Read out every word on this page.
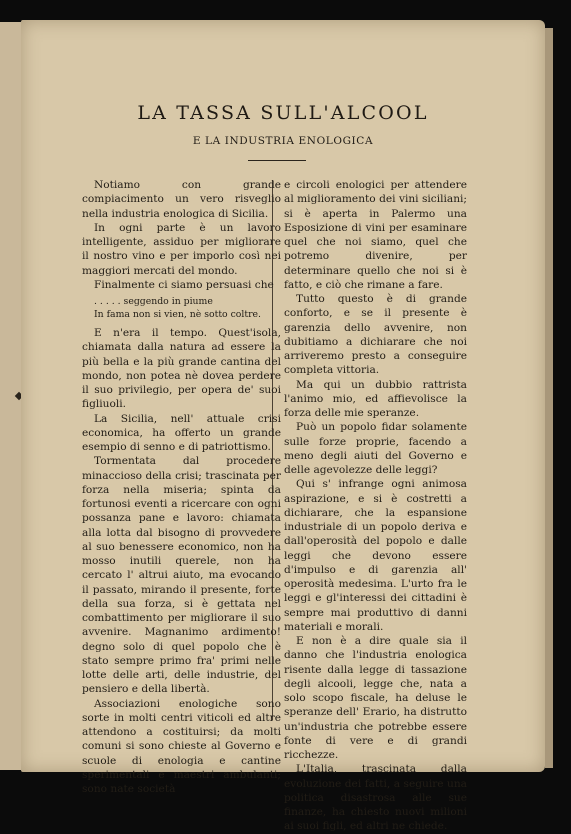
LA TASSA SULL'ALCOOL
E LA INDUSTRIA ENOLOGICA

Notiamo con grande compiacimento un vero risveglio nella industria enologica di Sicilia.

In ogni parte è un lavoro intelligente, assiduo per migliorare il nostro vino e per imporlo così nei maggiori mercati del mondo.

Finalmente ci siamo persuasi che

. . . . . seggendo in piume
In fama non si vien, nè sotto coltre.

E n'era il tempo. Quest'isola, chiamata dalla natura ad essere la più bella e la più grande cantina del mondo, non potea nè dovea perdere il suo privilegio, per opera de' suoi figliuoli.

La Sicilia, nell' attuale crisi economica, ha offerto un grande esempio di senno e di patriottismo.

Tormentata dal procedere minaccioso della crisi; trascinata per forza nella miseria; spinta da fortunosi eventi a ricercare con ogni possanza pane e lavoro: chiamata alla lotta dal bisogno di provvedere al suo benessere economico, non ha mosso inutili querele, non ha cercato l' altrui aiuto, ma evocando il passato, mirando il presente, forte della sua forza, si è gettata nel combattimento per migliorare il suo avvenire. Magnanimo ardimento! degno solo di quel popolo che è stato sempre primo fra' primi nelle lotte delle arti, delle industrie, del pensiero e della libertà.

Associazioni enologiche sono sorte in molti centri viticoli ed altre attendono a costituirsi; da molti comuni si sono chieste al Governo e scuole di enologia e cantine sperimentali e maestri ambulanti; sono nate società

e circoli enologici per attendere al miglioramento dei vini siciliani; si è aperta in Palermo una Esposizione di vini per esaminare quel che noi siamo, quel che potremo divenire, per determinare quello che noi si è fatto, e ciò che rimane a fare.

Tutto questo è di grande conforto, e se il presente è garenzia dello avvenire, non dubitiamo a dichiarare che noi arriveremo presto a conseguire completa vittoria.

Ma qui un dubbio rattrista l'animo mio, ed affievolisce la forza delle mie speranze.

Può un popolo fidar solamente sulle forze proprie, facendo a meno degli aiuti del Governo e delle agevolezze delle leggi?

Qui s' infrange ogni animosa aspirazione, e si è costretti a dichiarare, che la espansione industriale di un popolo deriva e dall'operosità del popolo e dalle leggi che devono essere d'impulso e di garenzia all' operosità medesima. L'urto fra le leggi e gl'interessi dei cittadini è sempre mai produttivo di danni materiali e morali.

E non è a dire quale sia il danno che l'industria enologica risente dalla legge di tassazione degli alcooli, legge che, nata a solo scopo fiscale, ha deluse le speranze dell' Erario, ha distrutto un'industria che potrebbe essere fonte di vere e di grandi ricchezze.

L'Italia, trascinata dalla evoluzione dei fatti, a seguire una politica disastrosa alle sue finanze, ha chiesto nuovi milioni ai suoi figli, ed altri ne chiede.
